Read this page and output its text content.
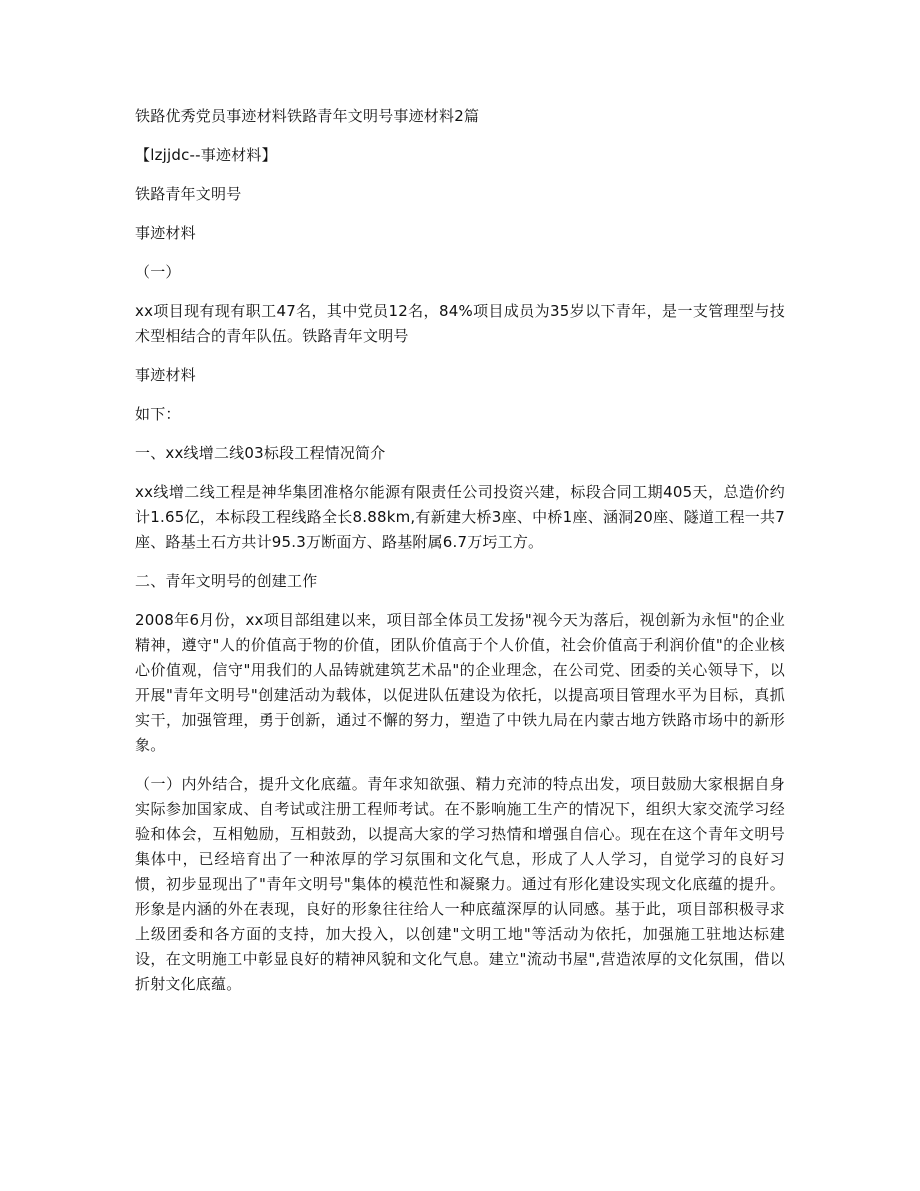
铁路优秀党员事迹材料铁路青年文明号事迹材料2篇

【lzjjdc--事迹材料】

铁路青年文明号

事迹材料

（一）

xx项目现有现有职工47名，其中党员12名，84%项目成员为35岁以下青年，是一支管理型与技术型相结合的青年队伍。铁路青年文明号

事迹材料

如下：

一、xx线增二线03标段工程情况简介

xx线增二线工程是神华集团准格尔能源有限责任公司投资兴建，标段合同工期405天，总造价约计1.65亿，本标段工程线路全长8.88km,有新建大桥3座、中桥1座、涵洞20座、隧道工程一共7座、路基土石方共计95.3万断面方、路基附属6.7万圬工方。

二、青年文明号的创建工作

2008年6月份，xx项目部组建以来，项目部全体员工发扬"视今天为落后，视创新为永恒"的企业精神，遵守"人的价值高于物的价值，团队价值高于个人价值，社会价值高于利润价值"的企业核心价值观，信守"用我们的人品铸就建筑艺术品"的企业理念，在公司党、团委的关心领导下，以开展"青年文明号"创建活动为载体，以促进队伍建设为依托，以提高项目管理水平为目标，真抓实干，加强管理，勇于创新，通过不懈的努力，塑造了中铁九局在内蒙古地方铁路市场中的新形象。

（一）内外结合，提升文化底蕴。青年求知欲强、精力充沛的特点出发，项目鼓励大家根据自身实际参加国家成、自考试或注册工程师考试。在不影响施工生产的情况下，组织大家交流学习经验和体会，互相勉励，互相鼓劲，以提高大家的学习热情和增强自信心。现在在这个青年文明号集体中，已经培育出了一种浓厚的学习氛围和文化气息，形成了人人学习，自觉学习的良好习惯，初步显现出了"青年文明号"集体的模范性和凝聚力。通过有形化建设实现文化底蕴的提升。形象是内涵的外在表现，良好的形象往往给人一种底蕴深厚的认同感。基于此，项目部积极寻求上级团委和各方面的支持，加大投入，以创建"文明工地"等活动为依托，加强施工驻地达标建设，在文明施工中彰显良好的精神风貌和文化气息。建立"流动书屋",营造浓厚的文化氛围，借以折射文化底蕴。
